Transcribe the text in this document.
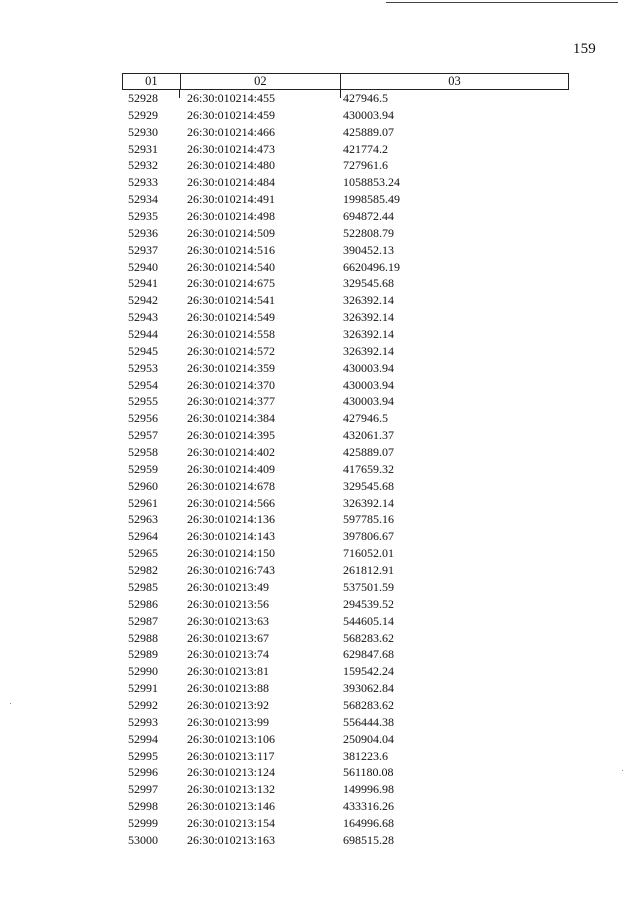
159
01	02	03
52928	26:30:010214:455	427946.5
52929	26:30:010214:459	430003.94
52930	26:30:010214:466	425889.07
52931	26:30:010214:473	421774.2
52932	26:30:010214:480	727961.6
52933	26:30:010214:484	1058853.24
52934	26:30:010214:491	1998585.49
52935	26:30:010214:498	694872.44
52936	26:30:010214:509	522808.79
52937	26:30:010214:516	390452.13
52940	26:30:010214:540	6620496.19
52941	26:30:010214:675	329545.68
52942	26:30:010214:541	326392.14
52943	26:30:010214:549	326392.14
52944	26:30:010214:558	326392.14
52945	26:30:010214:572	326392.14
52953	26:30:010214:359	430003.94
52954	26:30:010214:370	430003.94
52955	26:30:010214:377	430003.94
52956	26:30:010214:384	427946.5
52957	26:30:010214:395	432061.37
52958	26:30:010214:402	425889.07
52959	26:30:010214:409	417659.32
52960	26:30:010214:678	329545.68
52961	26:30:010214:566	326392.14
52963	26:30:010214:136	597785.16
52964	26:30:010214:143	397806.67
52965	26:30:010214:150	716052.01
52982	26:30:010216:743	261812.91
52985	26:30:010213:49	537501.59
52986	26:30:010213:56	294539.52
52987	26:30:010213:63	544605.14
52988	26:30:010213:67	568283.62
52989	26:30:010213:74	629847.68
52990	26:30:010213:81	159542.24
52991	26:30:010213:88	393062.84
52992	26:30:010213:92	568283.62
52993	26:30:010213:99	556444.38
52994	26:30:010213:106	250904.04
52995	26:30:010213:117	381223.6
52996	26:30:010213:124	561180.08
52997	26:30:010213:132	149996.98
52998	26:30:010213:146	433316.26
52999	26:30:010213:154	164996.68
53000	26:30:010213:163	698515.28
